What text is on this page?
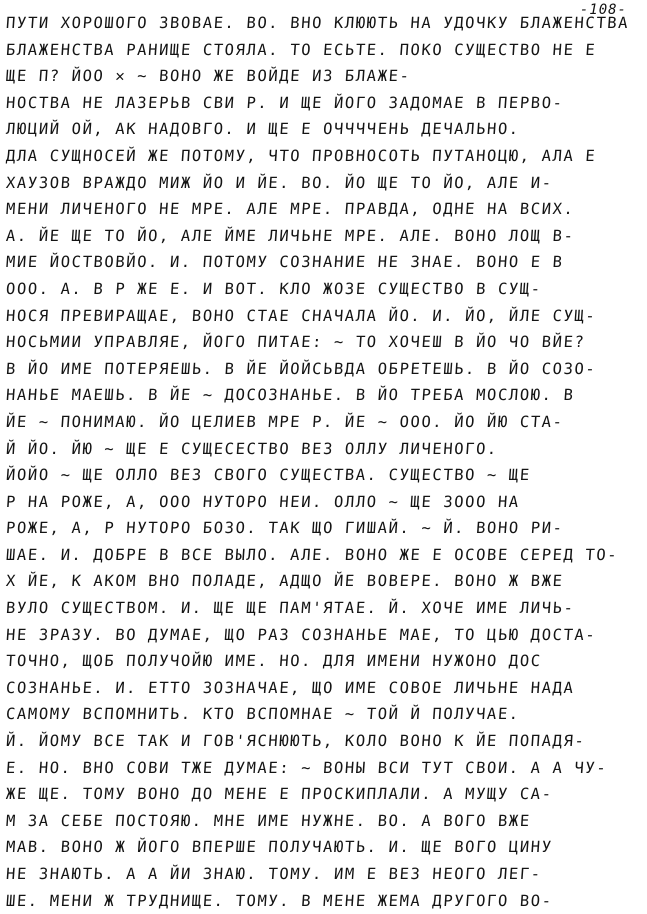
-108-
ПУТИ ХОРОШОГО ЗВОВАЕ. ВО. ВНО КЛЮЮТЬ НА УДОЧКУ БЛАЖЕНСТВА
БЛАЖЕНСТВА РАНИЩЕ СТОЯЛА. ТО ЕСЬТЕ. ПОКО СУЩЕСТВО НЕ Е
ЩЕ П? ЙОО ✕ ~ ВОНО ЖЕ ВОЙДЕ ИЗ БЛАЖЕ-
НОСТВА НЕ ЛАЗЕРЬВ СВИ Р. И ЩЕ ЙОГО ЗАДОМАЕ В ПЕРВО-
ЛЮЦИЙ ОЙ, АК НАДОВГО. И ЩЕ Е ОЧЧЧЧЕНЬ ДЕЧАЛЬНО.
ДЛА СУЩНОСЕЙ ЖЕ ПОТОМУ, ЧТО ПРОВНОСОТЬ ПУТАНОЦЮ, АЛА Е
ХАУЗОВ ВРАЖДО МИЖ ЙО И ЙЕ. ВО. ЙО ЩЕ ТО ЙО, АЛЕ И-
МЕНИ ЛИЧЕНОГО НЕ МРЕ. АЛЕ МРЕ. ПРАВДА, ОДНЕ НА ВСИХ.
А. ЙЕ ЩЕ ТО ЙО, АЛЕ ЙМЕ ЛИЧЬНЕ МРЕ. АЛЕ. ВОНО ЛОЩ В-
МИЕ ЙОСТВОВЙО. И. ПОТОМУ СОЗНАНИЕ НЕ ЗНАЕ. ВОНО Е В
ООО. А. В Р ЖЕ Е. И ВОТ. КЛО ЖОЗЕ СУЩЕСТВО В СУЩ-
НОСЯ ПРЕВИРАЩАЕ, ВОНО СТАЕ СНАЧАЛА ЙО. И. ЙО, ЙЛЕ СУЩ-
НОСЬМИИ УПРАВЛЯЕ, ЙОГО ПИТАЕ: ~ ТО ХОЧЕШ В ЙО ЧО ВЙЕ?
В ЙО ИМЕ ПОТЕРЯЕШЬ. В ЙЕ ЙОЙСЬВДА ОБРЕТЕШЬ. В ЙО СОЗО-
НАНЬЕ МАЕШЬ. В ЙЕ ~ ДОСОЗНАНЬЕ. В ЙО ТРЕБА МОСЛОЮ. В
ЙЕ ~ ПОНИМАЮ. ЙО ЦЕЛИЕВ МРЕ Р. ЙЕ ~ ООО. ЙО ЙЮ СТА-
Й ЙО. ЙЮ ~ ЩЕ Е СУЩЕСЕСТВО ВЕЗ ОЛЛУ ЛИЧЕНОГО.
ЙОЙО ~ ЩЕ ОЛЛО ВЕЗ СВОГО СУЩЕСТВА. СУЩЕСТВО ~ ЩЕ
Р НА РОЖЕ, А, ООО НУТОРО НЕИ. ОЛЛО ~ ЩЕ ЗООО НА
РОЖЕ, А, Р НУТОРО БОЗО. ТАК ЩО ГИШАЙ. ~ Й. ВОНО РИ-
ШАЕ. И. ДОБРЕ В ВСЕ ВЫЛО. АЛЕ. ВОНО ЖЕ Е ОСОВЕ СЕРЕД ТО-
Х ЙЕ, К АКОМ ВНО ПОЛАДЕ, АДЩО ЙЕ ВОВЕРЕ. ВОНО Ж ВЖЕ
ВУЛО СУЩЕСТВОМ. И. ЩЕ ЩЕ ПАМ'ЯТАЕ. Й. ХОЧЕ ИМЕ ЛИЧЬ-
НЕ ЗРАЗУ. ВО ДУМАЕ, ЩО РАЗ СОЗНАНЬЕ МАЕ, ТО ЦЬЮ ДОСТА-
ТОЧНО, ЩОБ ПОЛУЧОЙЮ ИМЕ. НО. ДЛЯ ИМЕНИ НУЖОНО ДОС
СОЗНАНЬЕ. И. ЕТТО ЗОЗНАЧАЕ, ЩО ИМЕ СОВОЕ ЛИЧЬНЕ НАДА
САМОМУ ВСПОМНИТЬ. КТО ВСПОМНАЕ ~ ТОЙ Й ПОЛУЧАЕ.
Й. ЙОМУ ВСЕ ТАК И ГОВ'ЯСНЮЮТЬ, КОЛО ВОНО К ЙЕ ПОПАДЯ-
Е. НО. ВНО СОВИ ТЖЕ ДУМАЕ: ~ ВОНЫ ВСИ ТУТ СВОИ. А А ЧУ-
ЖЕ ЩЕ. ТОМУ ВОНО ДО МЕНЕ Е ПРОСКИПЛАЛИ. А МУЩУ СА-
М ЗА СЕБЕ ПОСТОЯЮ. МНЕ ИМЕ НУЖНЕ. ВО. А ВОГО ВЖЕ
МАВ. ВОНО Ж ЙОГО ВПЕРШЕ ПОЛУЧАЮТЬ. И. ЩЕ ВОГО ЦИНУ
НЕ ЗНАЮТЬ. А А ЙИ ЗНАЮ. ТОМУ. ИМ Е ВЕЗ НЕОГО ЛЕГ-
ШЕ. МЕНИ Ж ТРУДНИЩЕ. ТОМУ. В МЕНЕ ЖЕМА ДРУГОГО ВО-
